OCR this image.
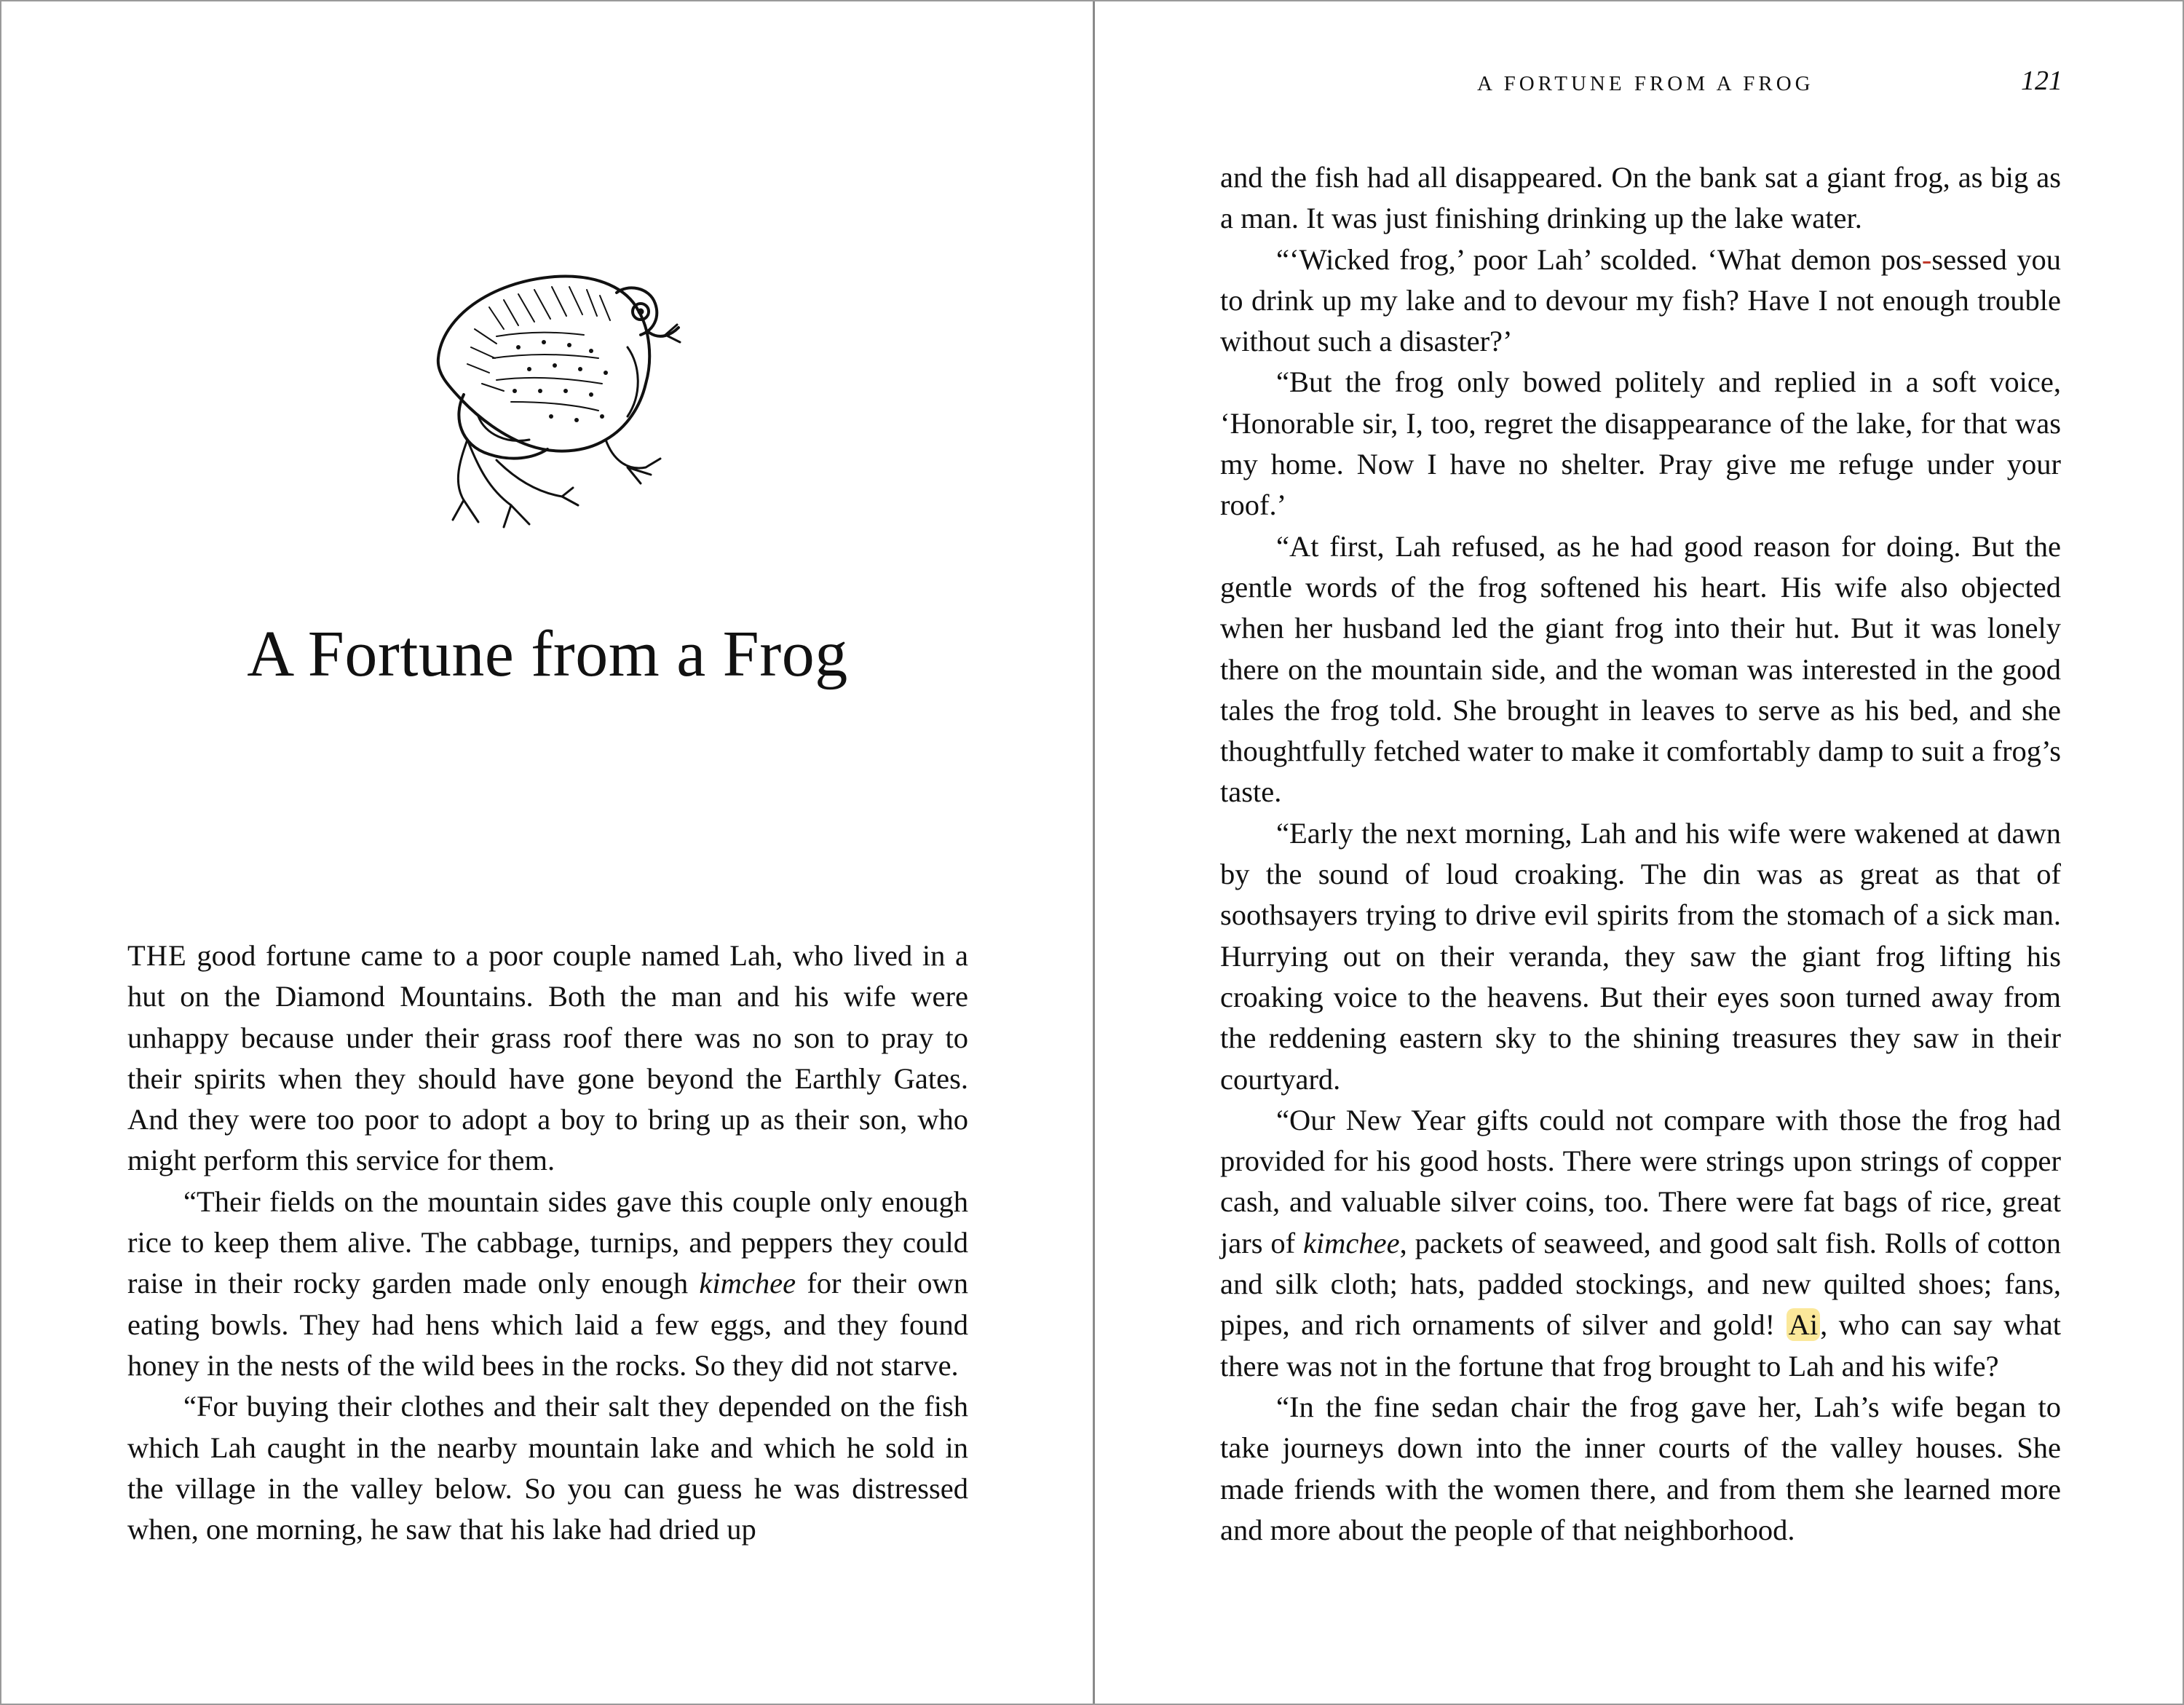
A Fortune from a Frog

THE good fortune came to a poor couple named Lah, who lived in a hut on the Diamond Mountains. Both the man and his wife were unhappy because under their grass roof there was no son to pray to their spirits when they should have gone beyond the Earthly Gates. And they were too poor to adopt a boy to bring up as their son, who might perform this service for them.

“Their fields on the mountain sides gave this couple only enough rice to keep them alive. The cabbage, turnips, and peppers they could raise in their rocky garden made only enough kimchee for their own eating bowls. They had hens which laid a few eggs, and they found honey in the nests of the wild bees in the rocks. So they did not starve.

“For buying their clothes and their salt they depended on the fish which Lah caught in the nearby mountain lake and which he sold in the village in the valley below. So you can guess he was distressed when, one morning, he saw that his lake had dried up

A FORTUNE FROM A FROG	121

and the fish had all disappeared. On the bank sat a giant frog, as big as a man. It was just finishing drinking up the lake water.

“‘Wicked frog,’ poor Lah’ scolded. ‘What demon pos-sessed you to drink up my lake and to devour my fish? Have I not enough trouble without such a disaster?’

“But the frog only bowed politely and replied in a soft voice, ‘Honorable sir, I, too, regret the disappearance of the lake, for that was my home. Now I have no shelter. Pray give me refuge under your roof.’

“At first, Lah refused, as he had good reason for doing. But the gentle words of the frog softened his heart. His wife also objected when her husband led the giant frog into their hut. But it was lonely there on the mountain side, and the woman was interested in the good tales the frog told. She brought in leaves to serve as his bed, and she thoughtfully fetched water to make it comfortably damp to suit a frog’s taste.

“Early the next morning, Lah and his wife were wakened at dawn by the sound of loud croaking. The din was as great as that of soothsayers trying to drive evil spirits from the stomach of a sick man. Hurrying out on their veranda, they saw the giant frog lifting his croaking voice to the heavens. But their eyes soon turned away from the reddening eastern sky to the shining treasures they saw in their courtyard.

“Our New Year gifts could not compare with those the frog had provided for his good hosts. There were strings upon strings of copper cash, and valuable silver coins, too. There were fat bags of rice, great jars of kimchee, packets of seaweed, and good salt fish. Rolls of cotton and silk cloth; hats, padded stockings, and new quilted shoes; fans, pipes, and rich ornaments of silver and gold! Ai, who can say what there was not in the fortune that frog brought to Lah and his wife?

“In the fine sedan chair the frog gave her, Lah’s wife began to take journeys down into the inner courts of the valley houses. She made friends with the women there, and from them she learned more and more about the people of that neighborhood.
